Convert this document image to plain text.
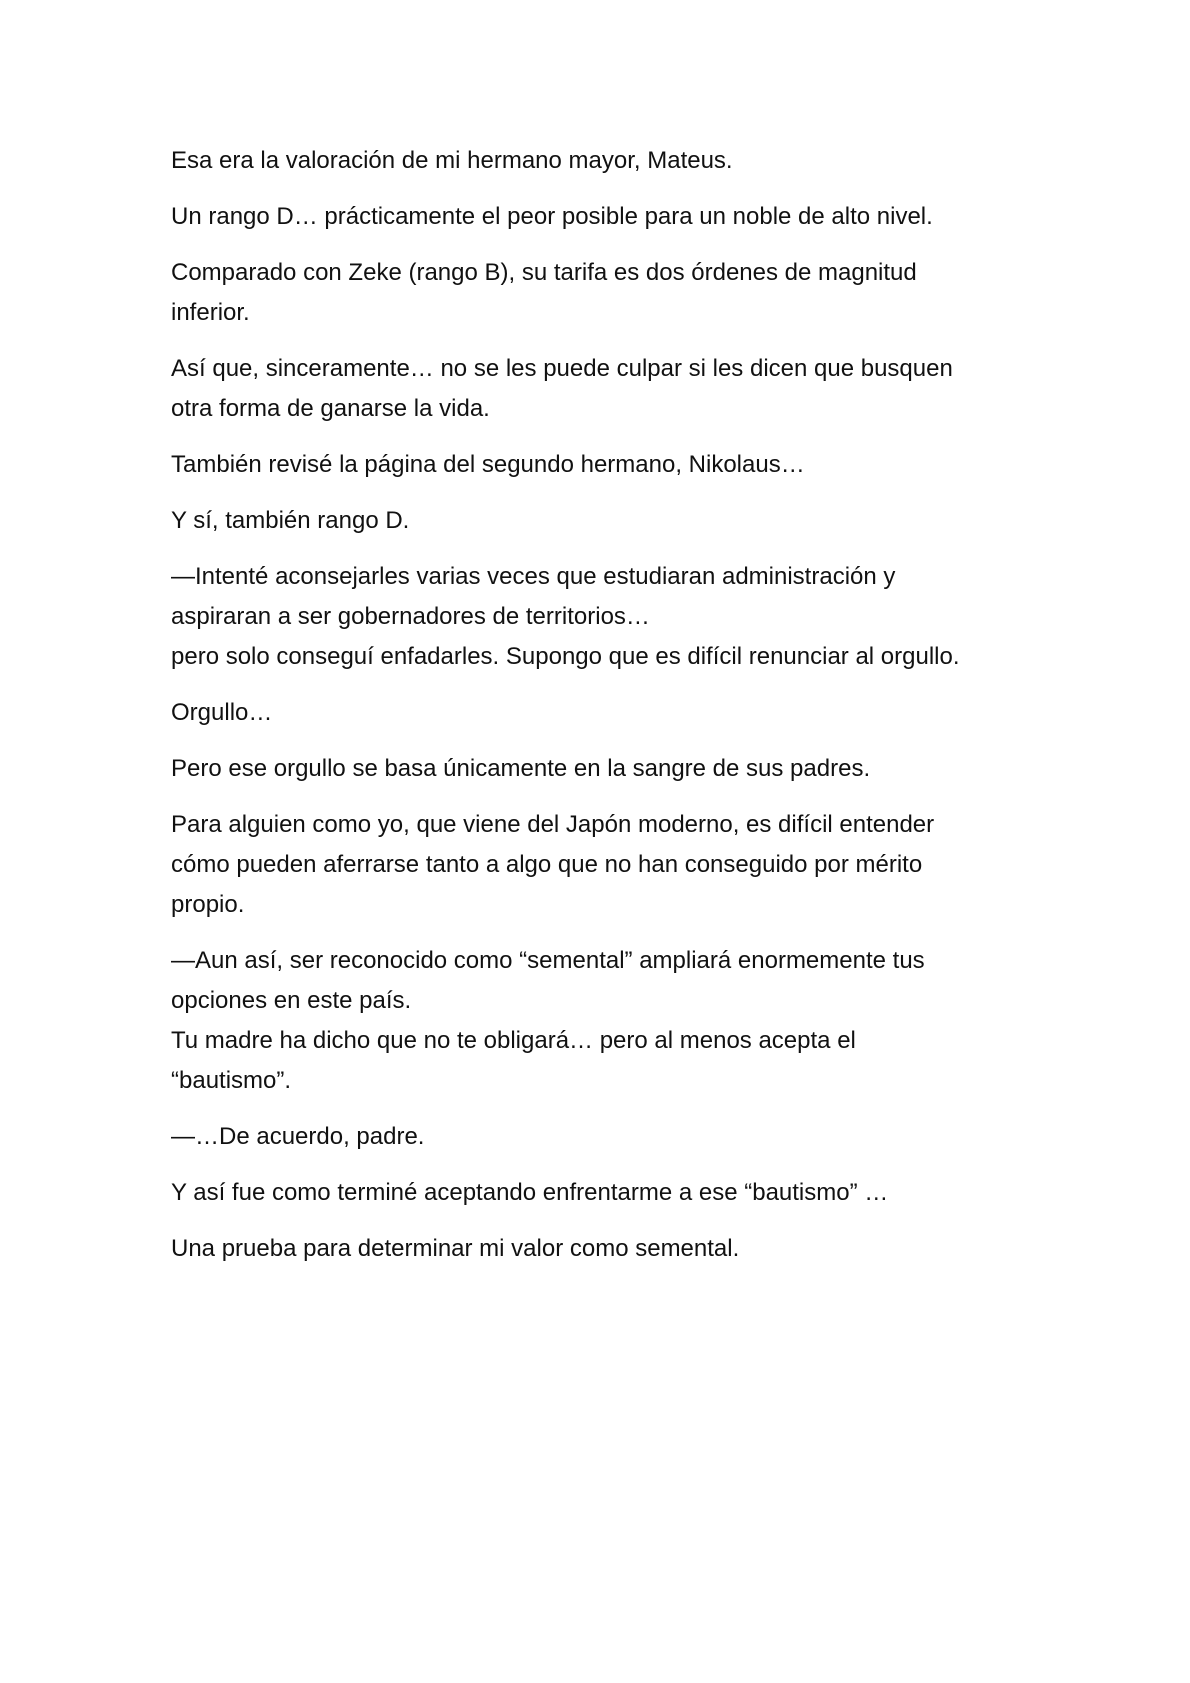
Esa era la valoración de mi hermano mayor, Mateus.

Un rango D… prácticamente el peor posible para un noble de alto nivel.

Comparado con Zeke (rango B), su tarifa es dos órdenes de magnitud
inferior.

Así que, sinceramente… no se les puede culpar si les dicen que busquen
otra forma de ganarse la vida.

También revisé la página del segundo hermano, Nikolaus…

Y sí, también rango D.

—Intenté aconsejarles varias veces que estudiaran administración y
aspiraran a ser gobernadores de territorios…
pero solo conseguí enfadarles. Supongo que es difícil renunciar al orgullo.

Orgullo…

Pero ese orgullo se basa únicamente en la sangre de sus padres.

Para alguien como yo, que viene del Japón moderno, es difícil entender
cómo pueden aferrarse tanto a algo que no han conseguido por mérito
propio.

—Aun así, ser reconocido como “semental” ampliará enormemente tus
opciones en este país.
Tu madre ha dicho que no te obligará… pero al menos acepta el
“bautismo”.

—…De acuerdo, padre.

Y así fue como terminé aceptando enfrentarme a ese “bautismo” …

Una prueba para determinar mi valor como semental.
